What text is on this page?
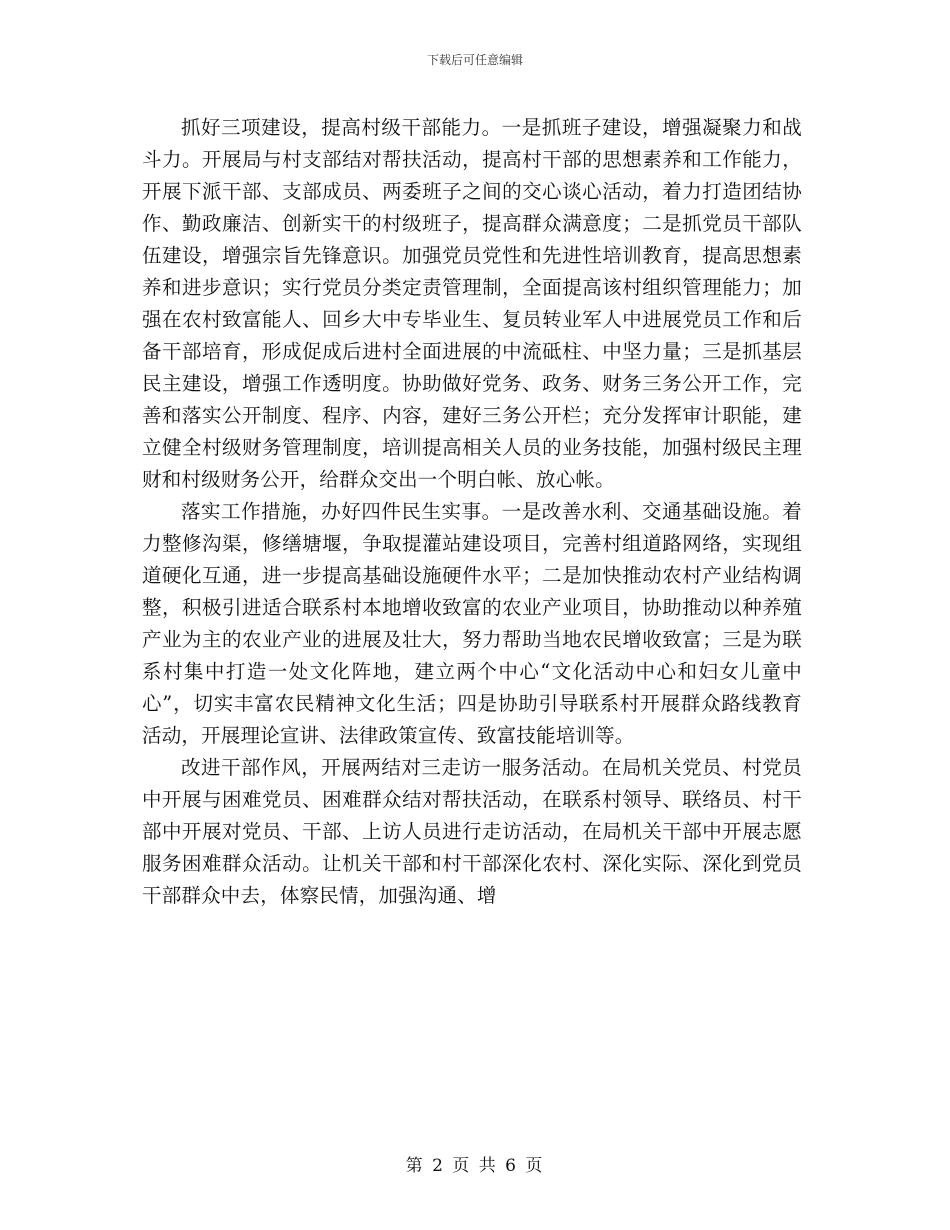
下载后可任意编辑

抓好三项建设，提高村级干部能力。一是抓班子建设，增强凝聚力和战斗力。开展局与村支部结对帮扶活动，提高村干部的思想素养和工作能力，开展下派干部、支部成员、两委班子之间的交心谈心活动，着力打造团结协作、勤政廉洁、创新实干的村级班子，提高群众满意度；二是抓党员干部队伍建设，增强宗旨先锋意识。加强党员党性和先进性培训教育，提高思想素养和进步意识；实行党员分类定责管理制，全面提高该村组织管理能力；加强在农村致富能人、回乡大中专毕业生、复员转业军人中进展党员工作和后备干部培育，形成促成后进村全面进展的中流砥柱、中坚力量；三是抓基层民主建设，增强工作透明度。协助做好党务、政务、财务三务公开工作，完善和落实公开制度、程序、内容，建好三务公开栏；充分发挥审计职能，建立健全村级财务管理制度，培训提高相关人员的业务技能，加强村级民主理财和村级财务公开，给群众交出一个明白帐、放心帐。

落实工作措施，办好四件民生实事。一是改善水利、交通基础设施。着力整修沟渠，修缮塘堰，争取提灌站建设项目，完善村组道路网络，实现组道硬化互通，进一步提高基础设施硬件水平；二是加快推动农村产业结构调整，积极引进适合联系村本地增收致富的农业产业项目，协助推动以种养殖产业为主的农业产业的进展及壮大，努力帮助当地农民增收致富；三是为联系村集中打造一处文化阵地，建立两个中心“文化活动中心和妇女儿童中心”，切实丰富农民精神文化生活；四是协助引导联系村开展群众路线教育活动，开展理论宣讲、法律政策宣传、致富技能培训等。

改进干部作风，开展两结对三走访一服务活动。在局机关党员、村党员中开展与困难党员、困难群众结对帮扶活动，在联系村领导、联络员、村干部中开展对党员、干部、上访人员进行走访活动，在局机关干部中开展志愿服务困难群众活动。让机关干部和村干部深化农村、深化实际、深化到党员干部群众中去，体察民情，加强沟通、增

第 2 页 共 6 页
